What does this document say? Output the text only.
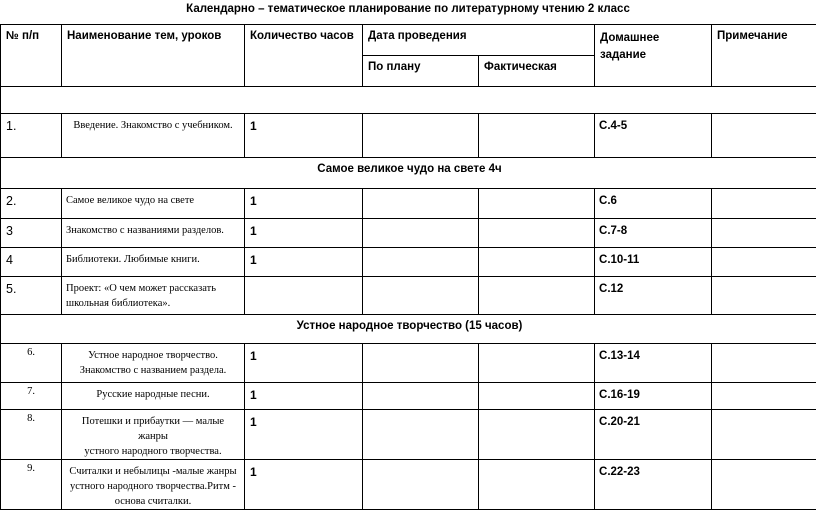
Календарно – тематическое планирование по литературному чтению 2 класс
№ п/п	Наименование тем, уроков	Количество часов	Дата проведения		Домашнее
задание	Примечание
			По плану	Фактическая		

1.	Введение. Знакомство с учебником.	1			С.4-5	
Самое великое чудо на свете 4ч						
2.	Самое великое чудо на свете	1			С.6	
3	Знакомство с названиями разделов.	1			С.7-8	
4	Библиотеки. Любимые книги.	1			С.10-11	
5.	Проект: «О чем может рассказать
школьная библиотека».				С.12	
Устное народное творчество (15 часов)						
6.	Устное народное творчество.
Знакомство с названием раздела.	1			С.13-14	
7.	Русские народные песни.	1			С.16-19	
8.	Потешки и прибаутки — малые жанры
устного народного творчества.	1			С.20-21	
9.	Считалки и небылицы -малые жанры
устного народного творчества.Ритм -
основа считалки.	1			С.22-23	
